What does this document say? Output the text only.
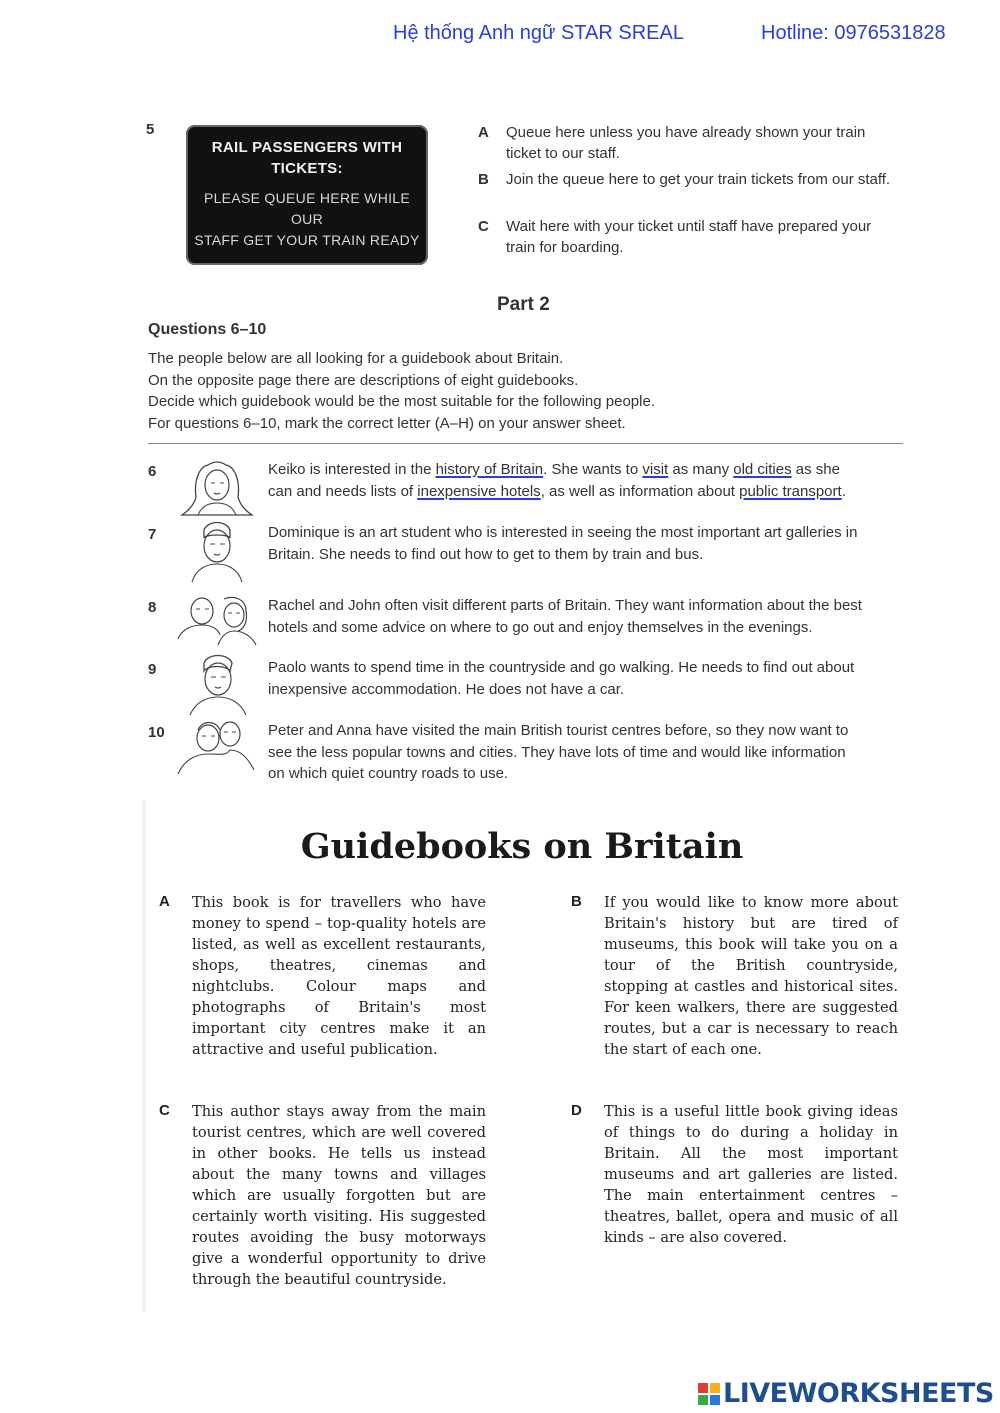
Hệ thống Anh ngữ STAR SREAL	Hotline: 0976531828
5
RAIL PASSENGERS WITH
TICKETS:
PLEASE QUEUE HERE WHILE OUR
STAFF GET YOUR TRAIN READY
A Queue here unless you have already shown your train ticket to our staff.
B Join the queue here to get your train tickets from our staff.
C Wait here with your ticket until staff have prepared your train for boarding.
Part 2
Questions 6–10
The people below are all looking for a guidebook about Britain.
On the opposite page there are descriptions of eight guidebooks.
Decide which guidebook would be the most suitable for the following people.
For questions 6–10, mark the correct letter (A–H) on your answer sheet.
6	Keiko is interested in the history of Britain. She wants to visit as many old cities as she
can and needs lists of inexpensive hotels, as well as information about public transport.
7	Dominique is an art student who is interested in seeing the most important art galleries in
Britain. She needs to find out how to get to them by train and bus.
8	Rachel and John often visit different parts of Britain. They want information about the best
hotels and some advice on where to go out and enjoy themselves in the evenings.
9	Paolo wants to spend time in the countryside and go walking. He needs to find out about
inexpensive accommodation. He does not have a car.
10	Peter and Anna have visited the main British tourist centres before, so they now want to
see the less popular towns and cities. They have lots of time and would like information
on which quiet country roads to use.
Guidebooks on Britain
A This book is for travellers who have money to spend – top-quality hotels are listed, as well as excellent restaurants, shops, theatres, cinemas and nightclubs. Colour maps and photographs of Britain's most important city centres make it an attractive and useful publication.
B If you would like to know more about Britain's history but are tired of museums, this book will take you on a tour of the British countryside, stopping at castles and historical sites. For keen walkers, there are suggested routes, but a car is necessary to reach the start of each one.
C This author stays away from the main tourist centres, which are well covered in other books. He tells us instead about the many towns and villages which are usually forgotten but are certainly worth visiting. His suggested routes avoiding the busy motorways give a wonderful opportunity to drive through the beautiful countryside.
D This is a useful little book giving ideas of things to do during a holiday in Britain. All the most important museums and art galleries are listed. The main entertainment centres – theatres, ballet, opera and music of all kinds – are also covered.
LIVEWORKSHEETS
